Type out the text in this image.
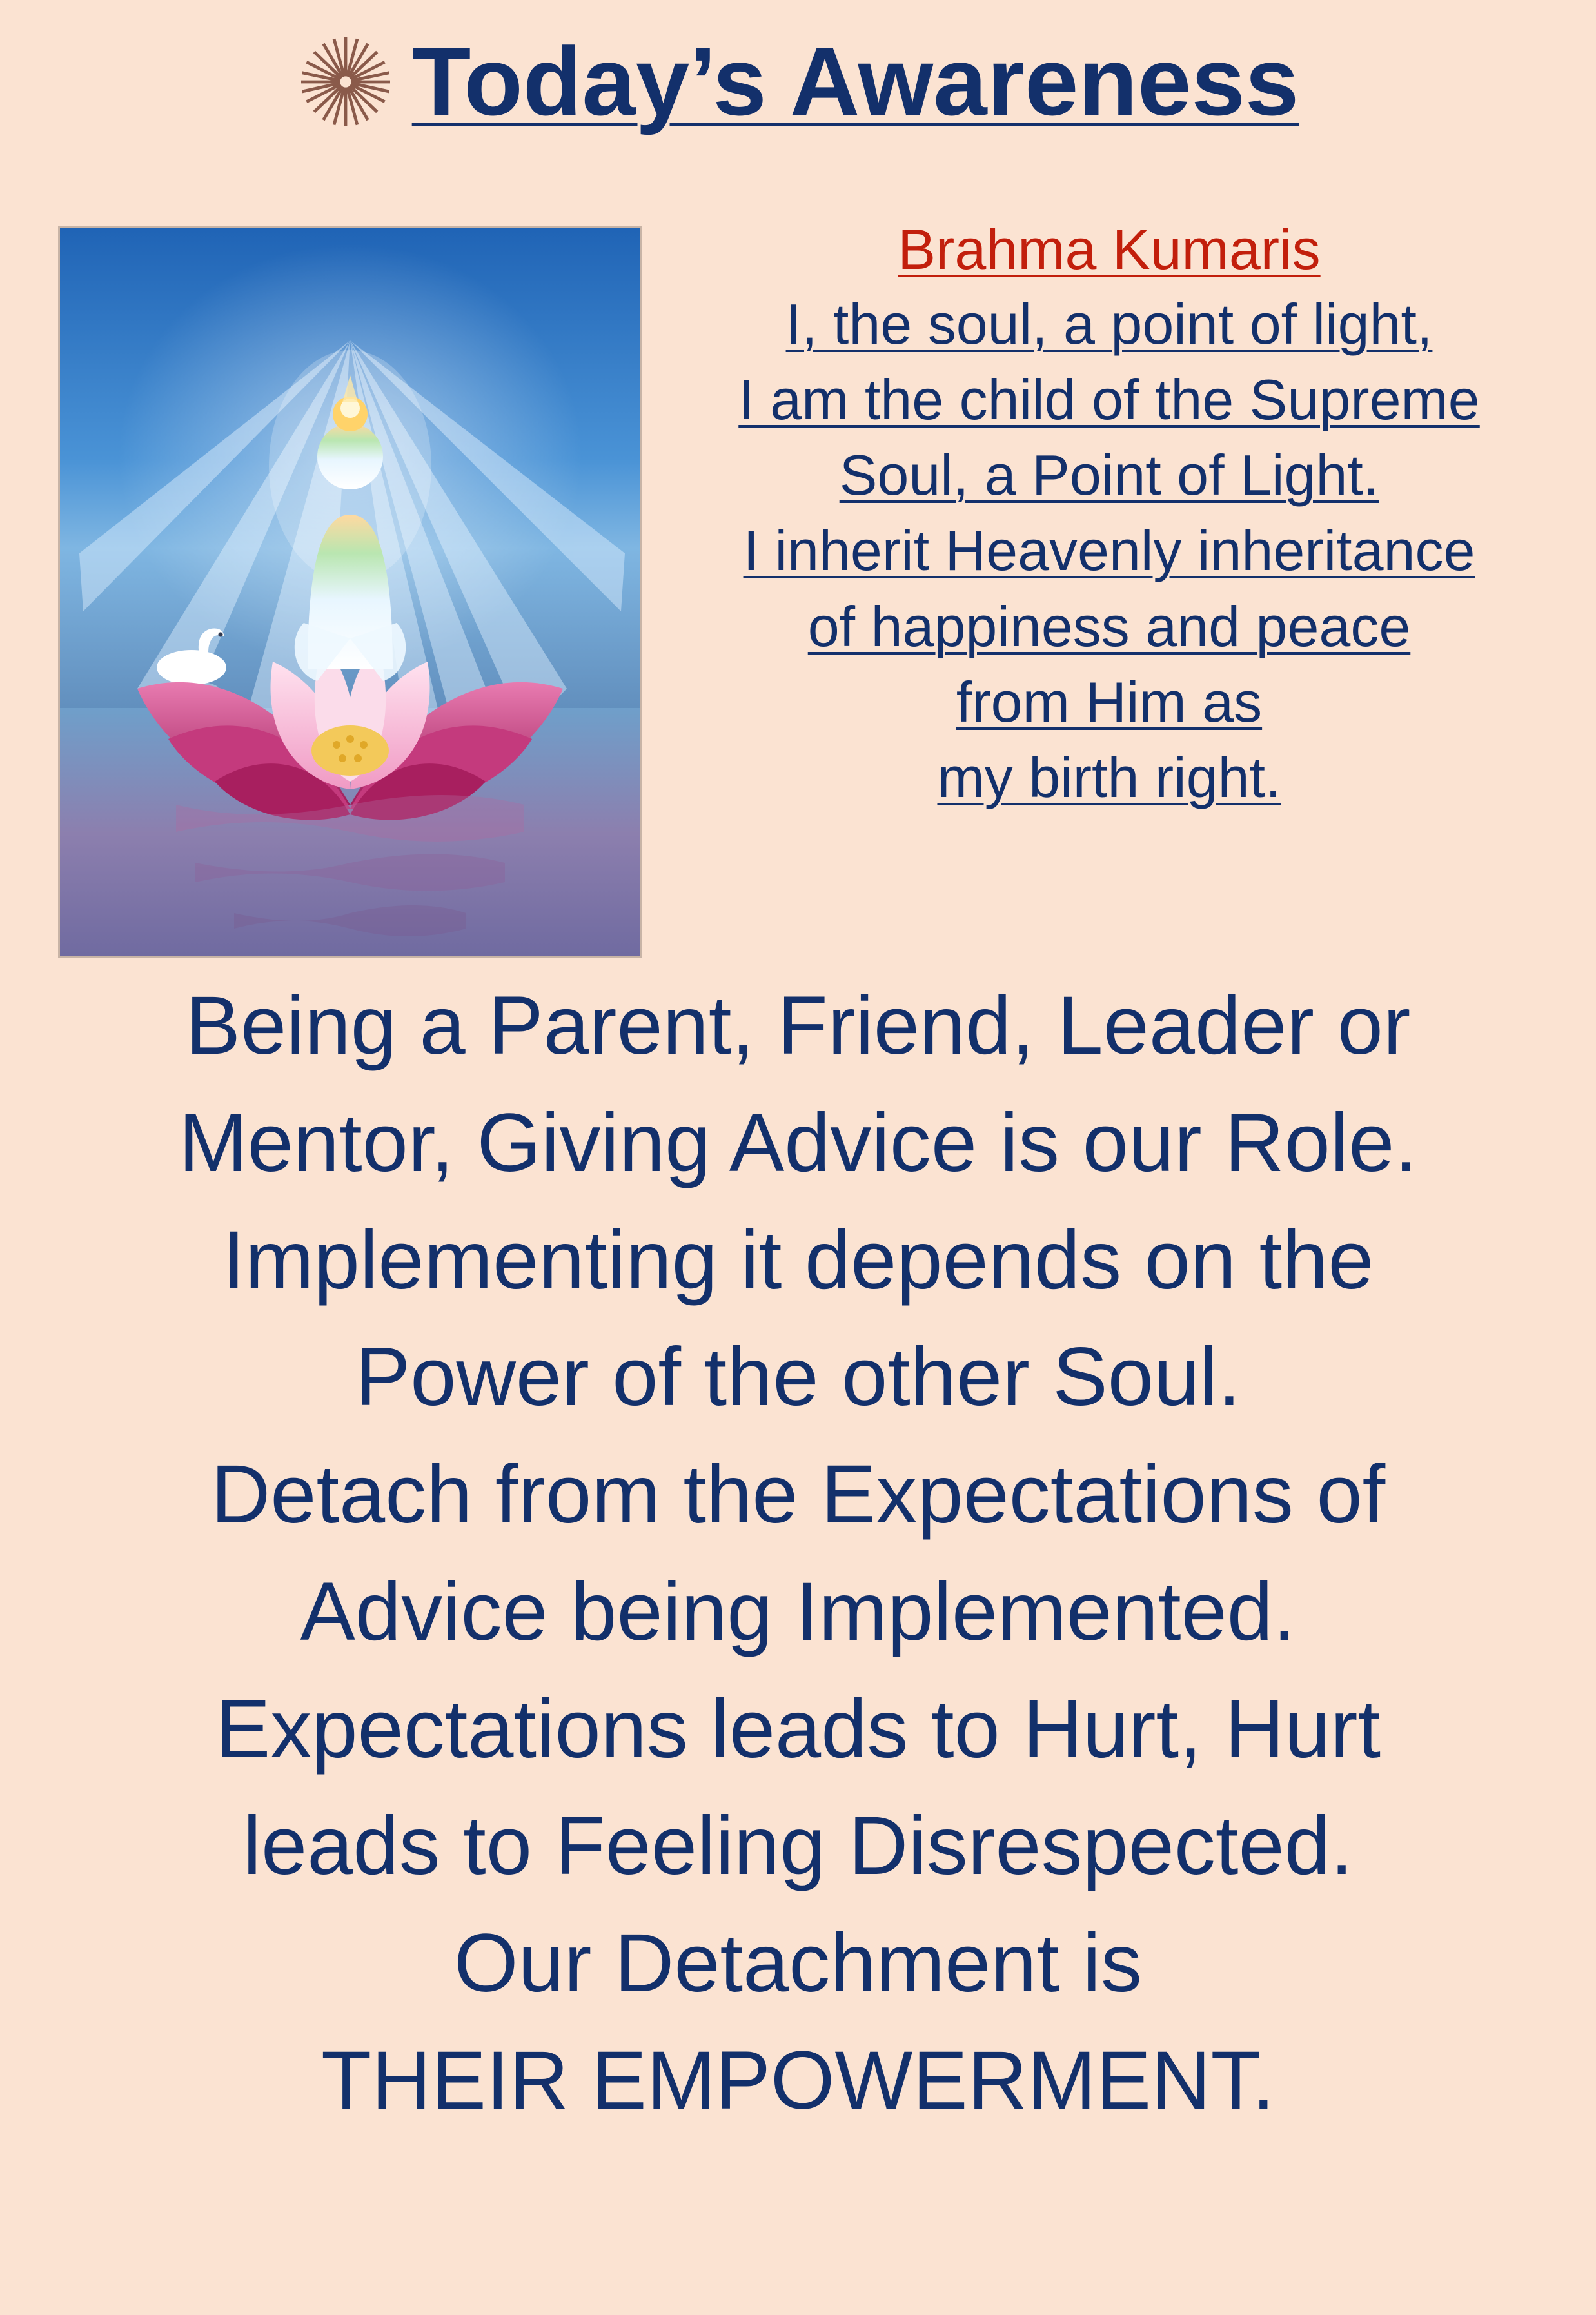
Today’s Awareness
Brahma Kumaris
I, the soul, a point of light,
I am the child of the Supreme
Soul, a Point of Light.
I inherit Heavenly inheritance
of happiness and peace
from Him as
my birth right.
Being a Parent, Friend, Leader or
Mentor, Giving Advice is our Role.
Implementing it depends on the
Power of the other Soul.
Detach from the Expectations of
Advice being Implemented.
Expectations leads to Hurt, Hurt
leads to Feeling Disrespected.
Our Detachment is
THEIR EMPOWERMENT.
